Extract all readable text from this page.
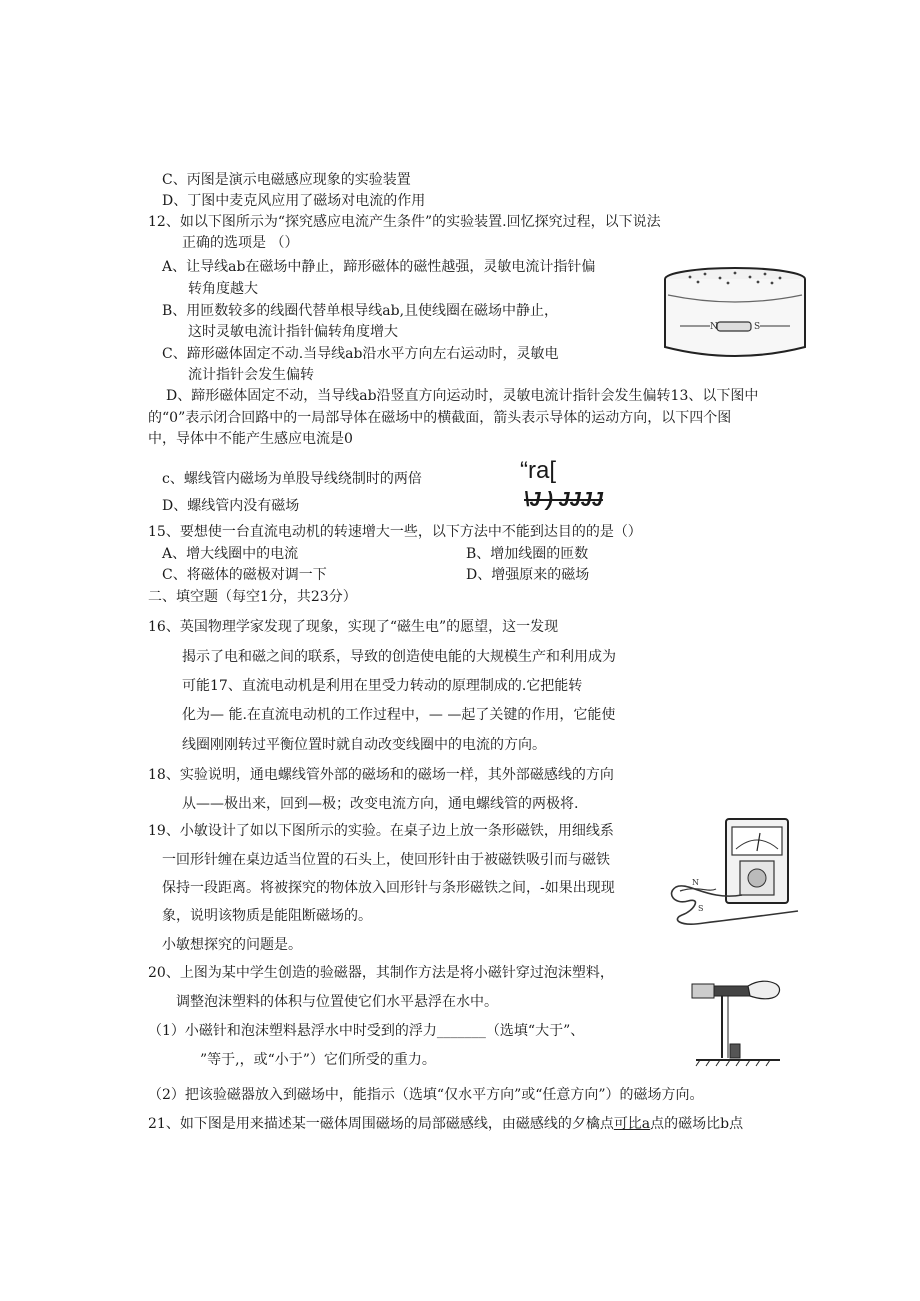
C、丙图是演示电磁感应现象的实验装置
D、丁图中麦克风应用了磁场对电流的作用
12、如以下图所示为“探究感应电流产生条件”的实验装置.回忆探究过程，以下说法
正确的选项是 （）
A、让导线ab在磁场中静止，蹄形磁体的磁性越强，灵敏电流计指针偏
转角度越大
B、用匝数较多的线圈代替单根导线ab,且使线圈在磁场中静止，
这时灵敏电流计指针偏转角度增大
C、蹄形磁体固定不动.当导线ab沿水平方向左右运动时，灵敏电
流计指针会发生偏转
D、蹄形磁体固定不动，当导线ab沿竖直方向运动时，灵敏电流计指针会发生偏转13、以下图中
的“0”表示闭合回路中的一局部导体在磁场中的横截面，箭头表示导体的运动方向，以下四个图
中，导体中不能产生感应电流是0
c、螺线管内磁场为单股导线绕制时的两倍
D、螺线管内没有磁场
15、要想使一台直流电动机的转速增大一些，以下方法中不能到达目的的是（）
A、增大线圈中的电流	B、增加线圈的匝数
C、将磁体的磁极对调一下	D、增强原来的磁场
二、填空题（每空1分，共23分）
16、英国物理学家发现了现象，实现了“磁生电”的愿望，这一发现
揭示了电和磁之间的联系，导致的创造使电能的大规模生产和利用成为
可能17、直流电动机是利用在里受力转动的原理制成的.它把能转
化为— 能.在直流电动机的工作过程中，— —起了关键的作用，它能使
线圈刚刚转过平衡位置时就自动改变线圈中的电流的方向。
18、实验说明，通电螺线管外部的磁场和的磁场一样，其外部磁感线的方向
从——极出来，回到—极；改变电流方向，通电螺线管的两极将.
19、小敏设计了如以下图所示的实验。在桌子边上放一条形磁铁，用细线系
一回形针缠在桌边适当位置的石头上，使回形针由于被磁铁吸引而与磁铁
保持一段距离。将被探究的物体放入回形针与条形磁铁之间，-如果出现现
象，说明该物质是能阻断磁场的。
小敏想探究的问题是。
20、上图为某中学生创造的验磁器，其制作方法是将小磁针穿过泡沫塑料，
调整泡沫塑料的体积与位置使它们水平悬浮在水中。
（1）小磁针和泡沫塑料悬浮水中时受到的浮力_______（选填“大于”、
”等于,，或“小于”）它们所受的重力。
（2）把该验磁器放入到磁场中，能指示（选填“仅水平方向”或“任意方向”）的磁场方向。
21、如下图是用来描述某一磁体周围磁场的局部磁感线，由磁感线的夕檎点可比a点的磁场比b点
N	S
“ra[
\J ) JJJJ
N
S
